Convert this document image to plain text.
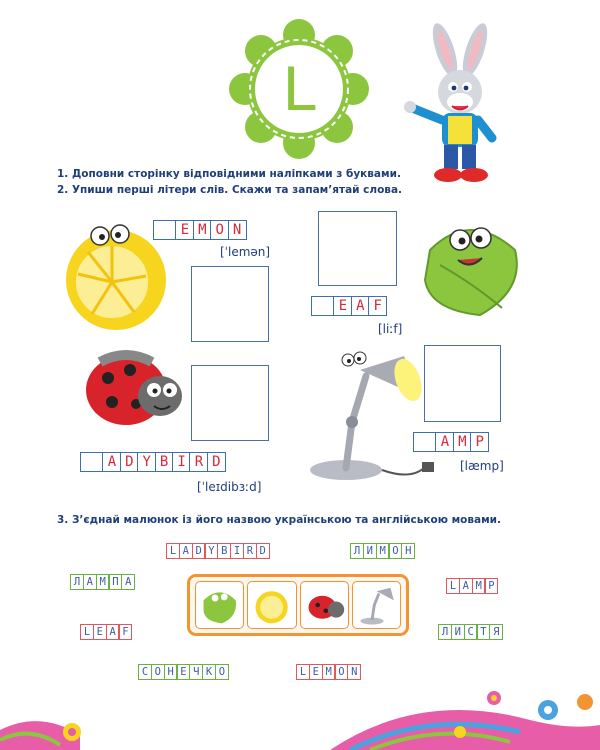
L
1. Доповни сторінку відповідними наліпками з буквами.
2. Упиши перші літери слів. Скажи та запам’ятай слова.
E M O N
[ˈlemən]
E A F
[liːf]
A D Y B I R D
[ˈleɪdibɜːd]
A M P
[læmp]
3. З’єднай малюнок із його назвою українською та англійською мовами.
L A D Y B I R D	Л И М О Н
Л А М П А	L A M P
L E A F	Л И С Т Я
С О Н Е Ч К О	L E M O N
